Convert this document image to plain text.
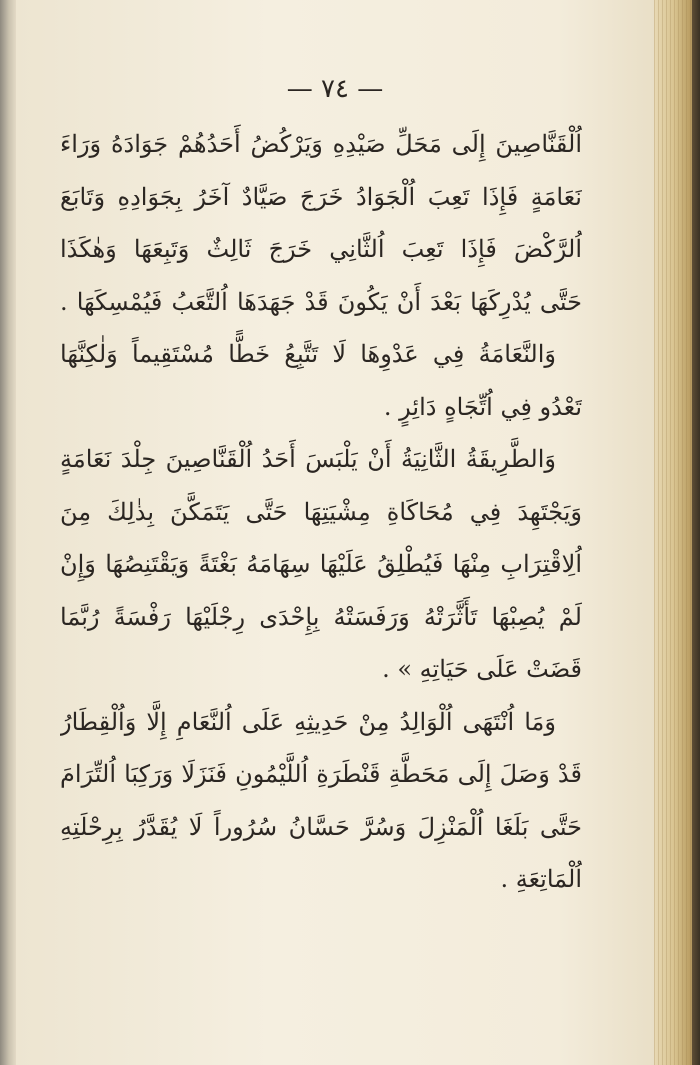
— ٧٤ —
اُلْقَنَّاصِينَ إِلَى مَحَلِّ صَيْدِهِ وَيَرْكُضُ أَحَدُهُمْ جَوَادَهُ وَرَاءَ
نَعَامَةٍ فَإِذَا تَعِبَ اُلْجَوَادُ خَرَجَ صَيَّادٌ آخَرُ بِجَوَادِهِ وَتَابَعَ
اُلرَّكْضَ فَإِذَا تَعِبَ اُلثَّانِي خَرَجَ ثَالِثٌ وَتَبِعَهَا وَهٰكَذَا
حَتَّى يُدْرِكَهَا بَعْدَ أَنْ يَكُونَ قَدْ جَهَدَهَا اُلتَّعَبُ فَيُمْسِكَهَا .
وَالنَّعَامَةُ فِي عَدْوِهَا لَا تَتَّبِعُ خَطًّا مُسْتَقِيماً وَلٰكِنَّهَا
تَعْدُو فِي اُتِّجَاهٍ دَائِرٍ .
وَالطَّرِيقَةُ الثَّانِيَةُ أَنْ يَلْبَسَ أَحَدُ اُلْقَنَّاصِينَ جِلْدَ نَعَامَةٍ
وَيَجْتَهِدَ فِي مُحَاكَاةِ مِشْيَتِهَا حَتَّى يَتَمَكَّنَ بِذٰلِكَ مِنَ
اُلِاقْتِرَابِ مِنْهَا فَيُطْلِقُ عَلَيْهَا سِهَامَهُ بَغْتَةً وَيَقْتَنِصُهَا وَإِنْ
لَمْ يُصِبْهَا تَأَثَّرَتْهُ وَرَفَسَتْهُ بِإِحْدَى رِجْلَيْهَا رَفْسَةً رُبَّمَا
قَضَتْ عَلَى حَيَاتِهِ » .
وَمَا اُنْتَهَى اُلْوَالِدُ مِنْ حَدِيثِهِ عَلَى اُلنَّعَامِ إِلَّا وَاُلْقِطَارُ
قَدْ وَصَلَ إِلَى مَحَطَّةِ قَنْطَرَةِ اُللَّيْمُونِ فَنَزَلَا وَرَكِبَا اُلتِّرَامَ
حَتَّى بَلَغَا اُلْمَنْزِلَ وَسُرَّ حَسَّانُ سُرُوراً لَا يُقَدَّرُ بِرِحْلَتِهِ
اُلْمَاتِعَةِ .
